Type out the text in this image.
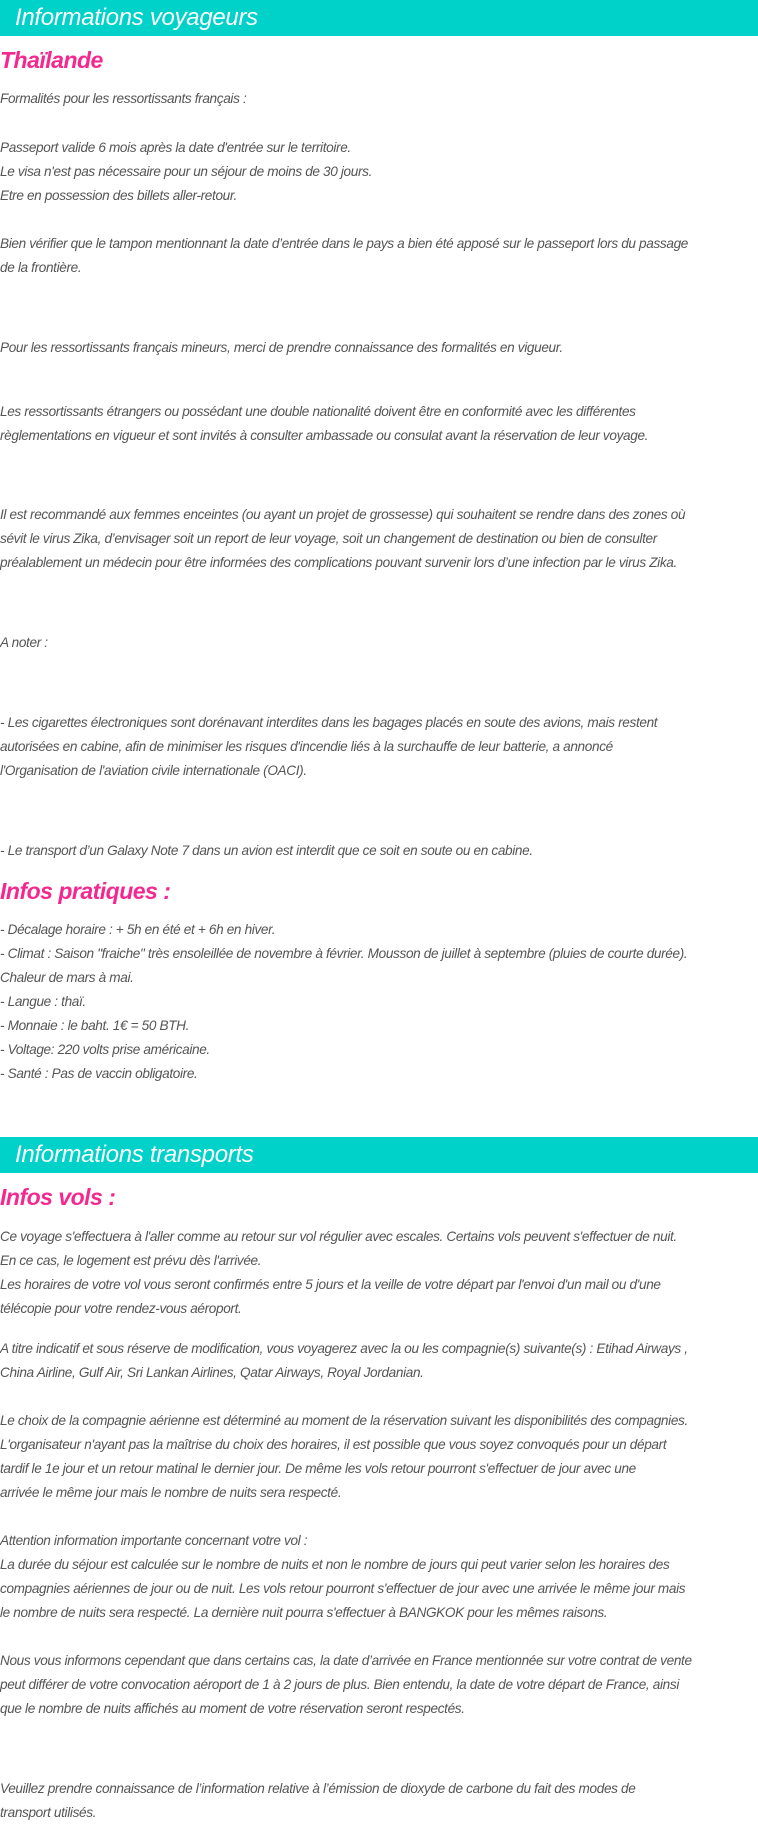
Informations voyageurs
Thaïlande
Formalités pour les ressortissants français :
Passeport valide 6 mois après la date d'entrée sur le territoire.
Le visa n'est pas nécessaire pour un séjour de moins de 30 jours.
Etre en possession des billets aller-retour.
Bien vérifier que le tampon mentionnant la date d’entrée dans le pays a bien été apposé sur le passeport lors du passage
de la frontière.
Pour les ressortissants français mineurs, merci de prendre connaissance des formalités en vigueur.
Les ressortissants étrangers ou possédant une double nationalité doivent être en conformité avec les différentes
règlementations en vigueur et sont invités à consulter ambassade ou consulat avant la réservation de leur voyage.
Il est recommandé aux femmes enceintes (ou ayant un projet de grossesse) qui souhaitent se rendre dans des zones où
sévit le virus Zika, d’envisager soit un report de leur voyage, soit un changement de destination ou bien de consulter
préalablement un médecin pour être informées des complications pouvant survenir lors d’une infection par le virus Zika.
A noter :
- Les cigarettes électroniques sont dorénavant interdites dans les bagages placés en soute des avions, mais restent
autorisées en cabine, afin de minimiser les risques d'incendie liés à la surchauffe de leur batterie, a annoncé
l'Organisation de l'aviation civile internationale (OACI).
- Le transport d’un Galaxy Note 7 dans un avion est interdit que ce soit en soute ou en cabine.
Infos pratiques :
- Décalage horaire : + 5h en été et + 6h en hiver.
- Climat : Saison "fraiche" très ensoleillée de novembre à février. Mousson de juillet à septembre (pluies de courte durée).
Chaleur de mars à mai.
- Langue : thaï.
- Monnaie : le baht. 1€ = 50 BTH.
- Voltage: 220 volts prise américaine.
- Santé : Pas de vaccin obligatoire.
Informations transports
Infos vols :
Ce voyage s'effectuera à l'aller comme au retour sur vol régulier avec escales. Certains vols peuvent s'effectuer de nuit.
En ce cas, le logement est prévu dès l'arrivée.
Les horaires de votre vol vous seront confirmés entre 5 jours et la veille de votre départ par l'envoi d'un mail ou d'une
télécopie pour votre rendez-vous aéroport.
A titre indicatif et sous réserve de modification, vous voyagerez avec la ou les compagnie(s) suivante(s) : Etihad Airways ,
China Airline, Gulf Air, Sri Lankan Airlines, Qatar Airways, Royal Jordanian.
Le choix de la compagnie aérienne est déterminé au moment de la réservation suivant les disponibilités des compagnies.
L'organisateur n'ayant pas la maîtrise du choix des horaires, il est possible que vous soyez convoqués pour un départ
tardif le 1e jour et un retour matinal le dernier jour. De même les vols retour pourront s'effectuer de jour avec une
arrivée le même jour mais le nombre de nuits sera respecté.
Attention information importante concernant votre vol :
La durée du séjour est calculée sur le nombre de nuits et non le nombre de jours qui peut varier selon les horaires des
compagnies aériennes de jour ou de nuit. Les vols retour pourront s'effectuer de jour avec une arrivée le même jour mais
le nombre de nuits sera respecté. La dernière nuit pourra s'effectuer à BANGKOK pour les mêmes raisons.
Nous vous informons cependant que dans certains cas, la date d’arrivée en France mentionnée sur votre contrat de vente
peut différer de votre convocation aéroport de 1 à 2 jours de plus. Bien entendu, la date de votre départ de France, ainsi
que le nombre de nuits affichés au moment de votre réservation seront respectés.
Veuillez prendre connaissance de l’information relative à l’émission de dioxyde de carbone du fait des modes de
transport utilisés.
